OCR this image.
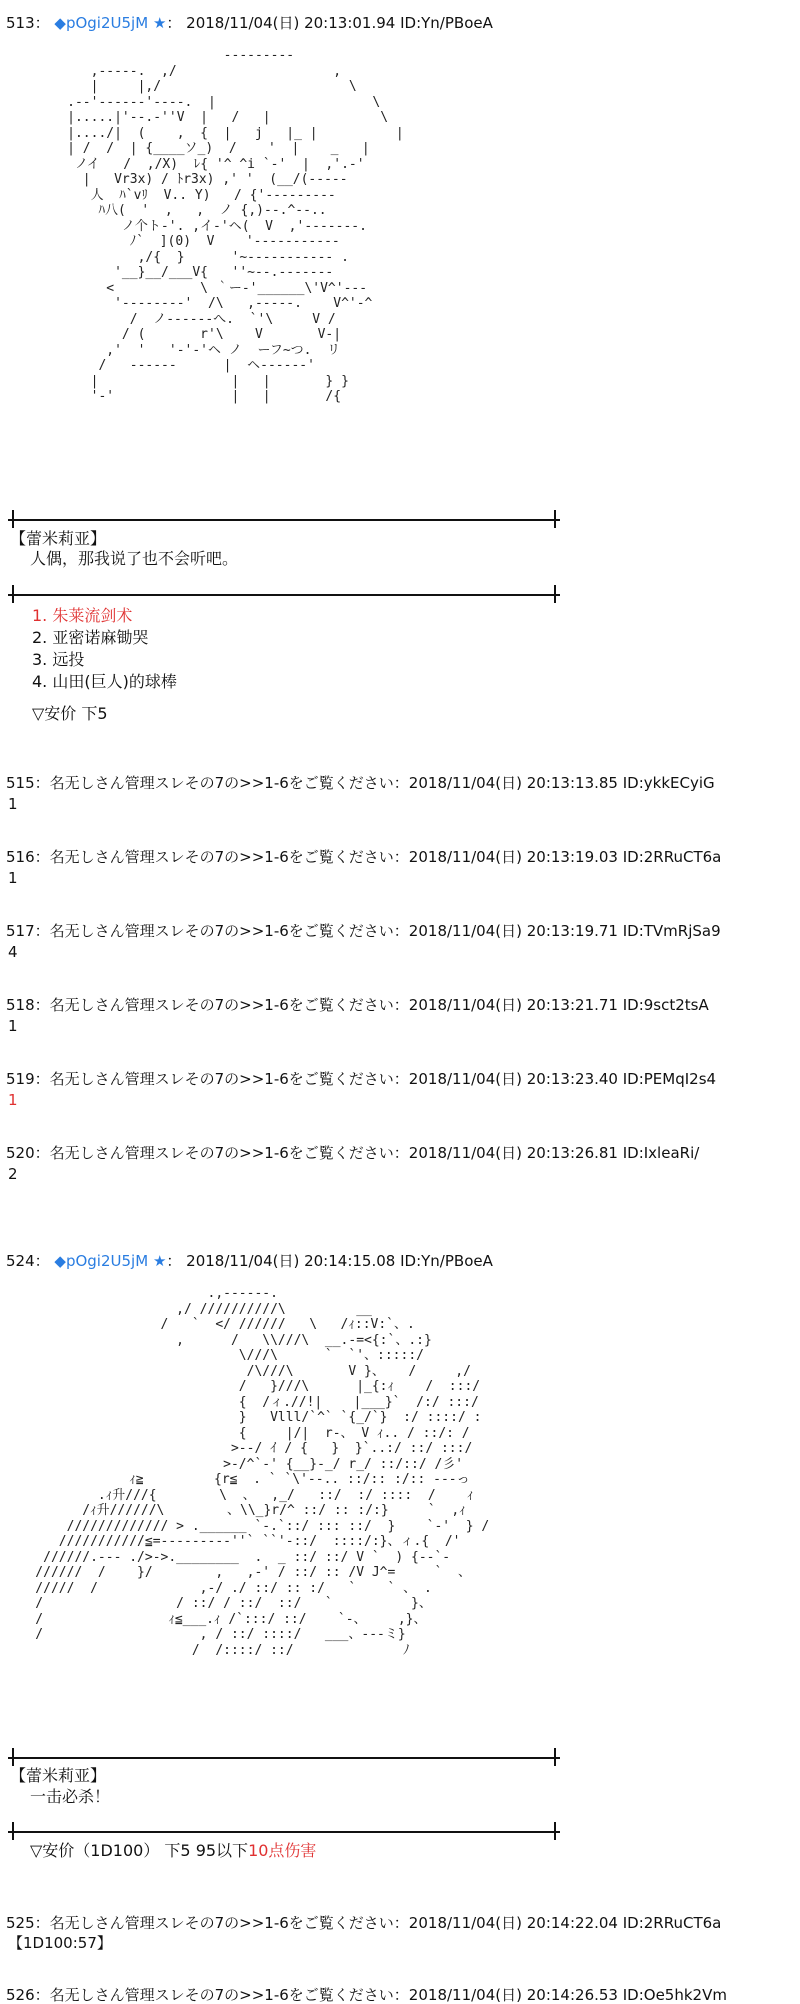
513： ◆pOgi2U5jM ★： 2018/11/04(日) 20:13:01.94 ID:Yn/PBoeA
---------
,-----.  ,/                    ,
|     |,/                        \
.--'------'----.  |                    \
|.....|'--.-''V  |   /   |              \
|..../|  (    ,  {  |   j   |_ |          |
| /  /  | {____ソ_)  /    '  |    _   |
ノイ   /  ,/X)  ﾚ{ '^ ^i `-'  |  ,'.-'
|   Vr3x) / ﾄr3x) ,' '  (__/(-----
人  ﾊ`vﾘ  V.. Y)   / {'---------
ﾊ八(  '  ,   ,  ノ {,)--.^--..
ノ个ト-'. ,イ-'ヘ(  V  ,'-------.
ﾉ`  ](0)  V    '-----------
,/{  }      '~----------- .
'__}__/___V{   ''~--.-------
<           \ ｀ー-'______\'V^'---
'--------'  /\   ,-----.    V^'-^
/  ノ------へ.  `'\     V /
/ (       r'\    V       V-|
,'  '   '-'-'ヘ ノ  ーフ~つ.  リ
/   ------      |  ヘ------'
|                 |   |       } }
'-'               |   |       /{

【蕾米莉亚】
人偶，那我说了也不会听吧。
1. 朱莱流剑术
2. 亚密诺麻锄哭
3. 远投
4. 山田(巨人)的球棒
▽安价 下5
515：名无しさん管理スレその7の>>1-6をご覧ください：2018/11/04(日) 20:13:13.85 ID:ykkECyiG
1
516：名无しさん管理スレその7の>>1-6をご覧ください：2018/11/04(日) 20:13:19.03 ID:2RRuCT6a
1
517：名无しさん管理スレその7の>>1-6をご覧ください：2018/11/04(日) 20:13:19.71 ID:TVmRjSa9
4
518：名无しさん管理スレその7の>>1-6をご覧ください：2018/11/04(日) 20:13:21.71 ID:9sct2tsA
1
519：名无しさん管理スレその7の>>1-6をご覧ください：2018/11/04(日) 20:13:23.40 ID:PEMqI2s4
1
520：名无しさん管理スレその7の>>1-6をご覧ください：2018/11/04(日) 20:13:26.81 ID:IxleaRi/
2
524： ◆pOgi2U5jM ★： 2018/11/04(日) 20:14:15.08 ID:Yn/PBoeA
.,------.
,/ //////////\         __
/   `  </ //////   \   /ｨ::V:`、.
,      /   \\///\  __.-=<{:`、.:}
\///\      `  `'、:::::/
/\///\       V }、   /     ,/
/   }///\      |_{:ｨ    /  :::/
{  /ィ.//!|    |___}`  /:/ :::/
}   Vlll/`^` `{_/`}  :/ ::::/ :
{     |/|  r-、 V ｨ.. / ::/: /
>--/ ｲ / {   }  }`..:/ ::/ :::/
>-/^`-' {__}-_/ r_/ ::/::/ /彡'
ｨ≧         {r≦  . ` `\'--.. ::/:: :/:: ---っ
.ｨ升///{        \  、  ,_/   ::/  :/ ::::  /    ｨ
/ｨ升//////\        、\\_}r/^ ::/ :: :/:}     `  ,ｨ
///////////// > .______ `-.`::/ ::: ::/  }    `-'  } /
///////////≦=---------''` ``'-::/  ::::/:}、ィ.{  /'
//////.--- ./>->.________  .  _ ::/ ::/ V `  ) {--`-
//////  /    }/        ,   ,-' / ::/ :: /V J^=     `  、
/////  /             ,-/ ./ ::/ :: :/   `    ` 、 .
/                 / ::/ / ::/  ::/   `          }、
/                ｨ≦___.ｨ /`:::/ ::/    `-、    ,}、
/                    , / ::/ ::::/   ___、---ミ}
/  /::::/ ::/              ﾉ

【蕾米莉亚】
一击必杀！
▽安价（1D100） 下5 95以下10点伤害
525：名无しさん管理スレその7の>>1-6をご覧ください：2018/11/04(日) 20:14:22.04 ID:2RRuCT6a
【1D100:57】
526：名无しさん管理スレその7の>>1-6をご覧ください：2018/11/04(日) 20:14:26.53 ID:Oe5hk2Vm
